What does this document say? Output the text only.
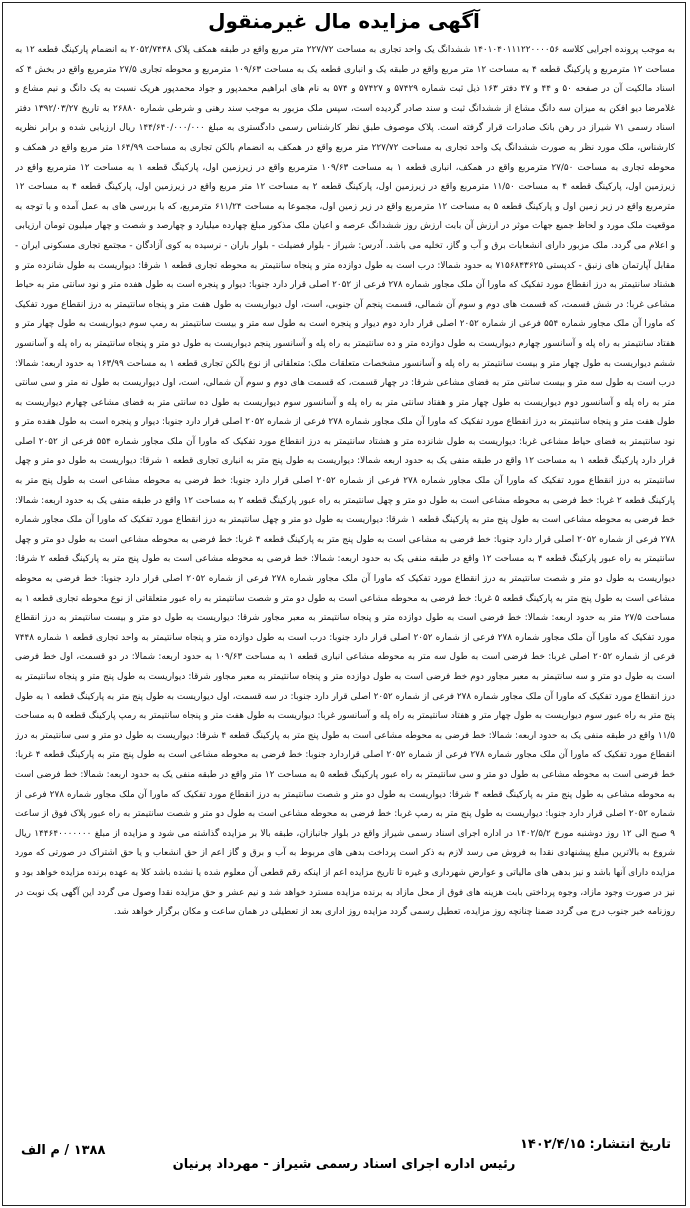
آگهی مزایده مال غیرمنقول
به موجب پرونده اجرایی کلاسه ۱۴۰۱۰۴۰۱۱۱۲۲۰۰۰۰۵۶ ششدانگ یک واحد تجاری به مساحت ۲۲۷/۷۲ متر مربع واقع در طبقه همکف پلاک ۲۰۵۲/۷۴۴۸ به انضمام پارکینگ قطعه ۱۲ به مساحت ۱۲ مترمربع و پارکینگ قطعه ۴ به مساحت ۱۲ متر مربع واقع در طبقه یک و انباری قطعه یک به مساحت ۱۰۹/۶۳ مترمربع و محوطه تجاری ۲۷/۵ مترمربع واقع در بخش ۴ که اسناد مالکیت آن در صفحه ۵۰ و ۴۴ و ۴۷ دفتر ۱۶۳ ذیل ثبت شماره ۵۷۴۲۹ و ۵۷۴۲۷ و ۵۷۴ به نام های ابراهیم محمدپور و جواد محمدپور هریک نسبت به یک دانگ و نیم مشاع و غلامرضا دیو افکن به میزان سه دانگ مشاع از ششدانگ ثبت و سند صادر گردیده است، سپس ملک مزبور به موجب سند رهنی و شرطی شماره ۲۶۸۸۰ به تاریخ ۱۳۹۲/۰۳/۲۷ دفتر اسناد رسمی ۷۱ شیراز در رهن بانک صادرات قرار گرفته است. پلاک موصوف طبق نظر کارشناس رسمی دادگستری به مبلغ ۱۴۴/۶۴۰/۰۰۰/۰۰۰ ریال ارزیابی شده و برابر نظریه کارشناس، ملک مورد نظر به صورت ششدانگ یک واحد تجاری به مساحت ۲۲۷/۷۲ متر مربع واقع در همکف به انضمام بالکن تجاری به مساحت ۱۶۴/۹۹ متر مربع واقع در همکف و محوطه تجاری به مساحت ۲۷/۵۰ مترمربع واقع در همکف، انباری قطعه ۱ به مساحت ۱۰۹/۶۳ مترمربع واقع در زیرزمین اول، پارکینگ قطعه ۱ به مساحت ۱۲ مترمربع واقع در زیرزمین اول، پارکینگ قطعه ۴ به مساحت ۱۱/۵۰ مترمربع واقع در زیرزمین اول، پارکینگ قطعه ۲ به مساحت ۱۲ متر مربع واقع در زیرزمین اول، پارکینگ قطعه ۴ به مساحت ۱۲ مترمربع واقع در زیر زمین اول و پارکینگ قطعه ۵ به مساحت ۱۲ مترمربع واقع در زیر زمین اول، مجموعا به مساحت ۶۱۱/۲۴ مترمربع، که با بررسی های به عمل آمده و با توجه به موقعیت ملک مورد و لحاظ جمیع جهات موثر در ارزش آن بابت ارزش روز ششدانگ عرصه و اعیان ملک مذکور مبلغ چهارده میلیارد و چهارصد و شصت و چهار میلیون تومان ارزیابی و اعلام می گردد. ملک مزبور دارای انشعابات برق و آب و گاز، تخلیه می باشد. آدرس: شیراز - بلوار فضیلت - بلوار باران - نرسیده به کوی آزادگان - مجتمع تجاری مسکونی ایران - مقابل آپارتمان های زنبق - کدپستی ۷۱۵۶۸۴۳۶۲۵ به حدود شمالا: درب است به طول دوازده متر و پنجاه سانتیمتر به محوطه تجاری قطعه ۱ شرقا: دیواریست به طول شانزده متر و هشتاد سانتیمتر به درز انقطاع مورد تفکیک که ماورا آن ملک مجاور شماره ۲۷۸ فرعی از ۲۰۵۲ اصلی قرار دارد جنوبا: دیوار و پنجره است به طول هفده متر و نود سانتی متر به حیاط مشاعی غربا: در شش قسمت، که قسمت های دوم و سوم آن شمالی، قسمت پنجم آن جنوبی، است، اول دیواریست به طول هفت متر و پنجاه سانتیمتر به درز انقطاع مورد تفکیک که ماورا آن ملک مجاور شماره ۵۵۴ فرعی از شماره ۲۰۵۲ اصلی قرار دارد دوم دیوار و پنجره است به طول سه متر و بیست سانتیمتر به رمپ سوم دیواریست به طول چهار متر و هفتاد سانتیمتر به راه پله و آسانسور چهارم دیواریست به طول دوازده متر و ده سانتیمتر به راه پله و آسانسور پنجم دیواریست به طول دو متر و پنجاه سانتیمتر به راه پله و آسانسور ششم دیواریست به طول چهار متر و بیست سانتیمتر به راه پله و آسانسور مشخصات متعلقات ملک: متعلقاتی از نوع بالکن تجاری قطعه ۱ به مساحت ۱۶۳/۹۹ به حدود اربعه: شمالا: درب است به طول سه متر و بیست سانتی متر به فضای مشاعی شرقا: در چهار قسمت، که قسمت های دوم و سوم آن شمالی، است، اول دیواریست به طول نه متر و سی سانتی متر به راه پله و آسانسور دوم دیواریست به طول چهار متر و هفتاد سانتی متر به راه پله و آسانسور سوم دیواریست به طول ده سانتی متر به فضای مشاعی چهارم دیواریست به طول هفت متر و پنجاه سانتیمتر به درز انقطاع مورد تفکیک که ماورا آن ملک مجاور شماره ۲۷۸ فرعی از شماره ۲۰۵۲ اصلی قرار دارد جنوبا: دیوار و پنجره است به طول هفده متر و نود سانتیمتر به فضای حیاط مشاعی غربا: دیواریست به طول شانزده متر و هشتاد سانتیمتر به درز انقطاع مورد تفکیک که ماورا آن ملک مجاور شماره ۵۵۴ فرعی از ۲۰۵۲ اصلی قرار دارد پارکینگ قطعه ۱ به مساحت ۱۲ واقع در طبقه منفی یک به حدود اربعه شمالا: دیواریست به طول پنج متر به انباری تجاری قطعه ۱ شرقا: دیواریست به طول دو متر و چهل سانتیمتر به درز انقطاع مورد تفکیک که ماورا آن ملک مجاور شماره ۲۷۸ فرعی از شماره ۲۰۵۲ اصلی قرار دارد جنوبا: خط فرضی به محوطه مشاعی است به طول پنج متر به پارکینگ قطعه ۲ غربا: خط فرضی به محوطه مشاعی است به طول دو متر و چهل سانتیمتر به راه عبور پارکینگ قطعه ۲ به مساحت ۱۲ واقع در طبقه منفی یک به حدود اربعه: شمالا: خط فرضی به محوطه مشاعی است به طول پنج متر به پارکینگ قطعه ۱ شرقا: دیواریست به طول دو متر و چهل سانتیمتر به درز انقطاع مورد تفکیک که ماورا آن ملک مجاور شماره ۲۷۸ فرعی از شماره ۲۰۵۲ اصلی قرار دارد جنوبا: خط فرضی به مشاعی است به طول پنج متر به پارکینگ قطعه ۴ غربا: خط فرضی به محوطه مشاعی است به طول دو متر و چهل سانتیمتر به راه عبور پارکینگ قطعه ۴ به مساحت ۱۲ واقع در طبقه منفی یک به حدود اربعه: شمالا: خط فرضی به محوطه مشاعی است به طول پنج متر به پارکینگ قطعه ۲ شرقا: دیواریست به طول دو متر و شصت سانتیمتر به درز انقطاع مورد تفکیک که ماورا آن ملک مجاور شماره ۲۷۸ فرعی از شماره ۲۰۵۲ اصلی قرار دارد جنوبا: خط فرضی به محوطه مشاعی است به طول پنج متر به پارکینگ قطعه ۵ غربا: خط فرضی به محوطه مشاعی است به طول دو متر و شصت سانتیمتر به راه عبور متعلقاتی از نوع محوطه تجاری قطعه ۱ به مساحت ۲۷/۵ متر به حدود اربعه: شمالا: خط فرضی است به طول دوازده متر و پنجاه سانتیمتر به معبر مجاور شرقا: دیواریست به طول دو متر و بیست سانتیمتر به درز انقطاع مورد تفکیک که ماورا آن ملک مجاور شماره ۲۷۸ فرعی از شماره ۲۰۵۲ اصلی قرار دارد جنوبا: درب است به طول دوازده متر و پنجاه سانتیمتر به واحد تجاری قطعه ۱ شماره ۷۴۴۸ فرعی از شماره ۲۰۵۲ اصلی غربا: خط فرضی است به طول سه متر به محوطه مشاعی انباری قطعه ۱ به مساحت ۱۰۹/۶۳ به حدود اربعه: شمالا: در دو قسمت، اول خط فرضی است به طول دو متر و سه سانتیمتر به معبر مجاور دوم خط فرضی است به طول دوازده متر و پنجاه سانتیمتر به معبر مجاور شرقا: دیواریست به طول پنج متر و پنجاه سانتیمتر به درز انقطاع مورد تفکیک که ماورا آن ملک مجاور شماره ۲۷۸ فرعی از شماره ۲۰۵۲ اصلی قرار دارد جنوبا: در سه قسمت، اول دیواریست به طول پنج متر به پارکینگ قطعه ۱ به طول پنج متر به راه عبور سوم دیواریست به طول چهار متر و هفتاد سانتیمتر به راه پله و آسانسور غربا: دیواریست به طول هفت متر و پنجاه سانتیمتر به رمپ پارکینگ قطعه ۵ به مساحت ۱۱/۵ واقع در طبقه منفی یک به حدود اربعه: شمالا: خط فرضی به محوطه مشاعی است به طول پنج متر به پارکینگ قطعه ۴ شرقا: دیواریست به طول دو متر و سی سانتیمتر به درز انقطاع مورد تفکیک که ماورا آن ملک مجاور شماره ۲۷۸ فرعی از شماره ۲۰۵۲ اصلی قراردارد جنوبا: خط فرضی به محوطه مشاعی است به طول پنج متر به پارکینگ قطعه ۴ غربا: خط فرضی است به محوطه مشاعی به طول دو متر و سی سانتیمتر به راه عبور پارکینگ قطعه ۵ به مساحت ۱۲ متر واقع در طبقه منفی یک به حدود اربعه: شمالا: خط فرضی است به محوطه مشاعی به طول پنج متر به پارکینگ قطعه ۴ شرقا: دیواریست به طول دو متر و شصت سانتیمتر به درز انقطاع مورد تفکیک که ماورا آن ملک مجاور شماره ۲۷۸ فرعی از شماره ۲۰۵۲ اصلی قرار دارد جنوبا: دیواریست به طول پنج متر به رمپ غربا: خط فرضی به محوطه مشاعی است به طول دو متر و شصت سانتیمتر به راه عبور پلاک فوق از ساعت ۹ صبح الی ۱۲ روز دوشنبه مورخ ۱۴۰۲/۵/۲ در اداره اجرای اسناد رسمی شیراز واقع در بلوار جانبازان، طبقه بالا بر مزایده گذاشته می شود و مزایده از مبلغ ۱۴۴۶۴۰۰۰۰۰۰۰ ریال شروع به بالاترین مبلغ پیشنهادی نقدا به فروش می رسد لازم به ذکر است پرداخت بدهی های مربوط به آب و برق و گاز اعم از حق انشعاب و یا حق اشتراک در صورتی که مورد مزایده دارای آنها باشد و نیز بدهی های مالیاتی و عوارض شهرداری و غیره تا تاریخ مزایده اعم از اینکه رقم قطعی آن معلوم شده یا نشده باشد کلا به عهده برنده مزایده خواهد بود و نیز در صورت وجود مازاد، وجوه پرداختی بابت هزینه های فوق از محل مازاد به برنده مزایده مسترد خواهد شد و نیم عشر و حق مزایده نقدا وصول می گردد این آگهی یک نوبت در روزنامه خبر جنوب درج می گردد ضمنا چنانچه روز مزایده، تعطیل رسمی گردد مزایده روز اداری بعد از تعطیلی در همان ساعت و مکان برگزار خواهد شد.
تاریخ انتشار: ۱۴۰۲/۴/۱۵
رئیس اداره اجرای اسناد رسمی شیراز - مهرداد پرنیان
۱۳۸۸ / م الف
